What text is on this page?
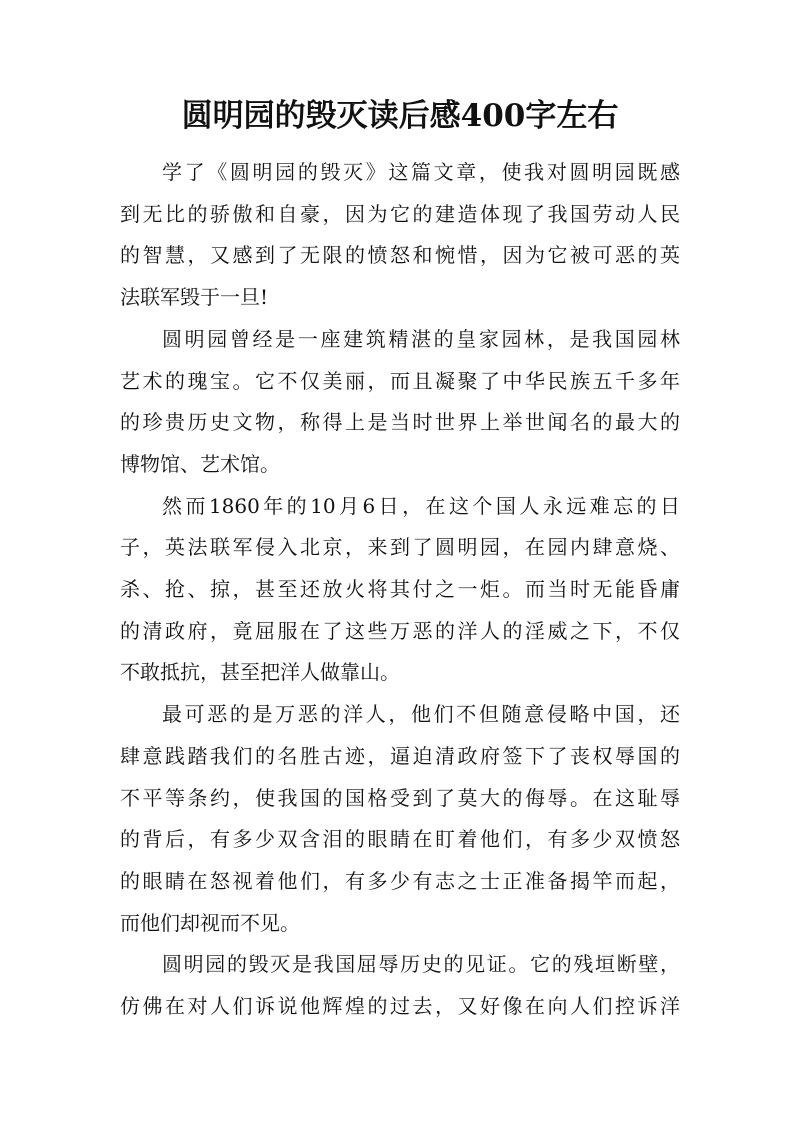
圆明园的毁灭读后感400字左右

学了《圆明园的毁灭》这篇文章，使我对圆明园既感
到无比的骄傲和自豪，因为它的建造体现了我国劳动人民
的智慧，又感到了无限的愤怒和惋惜，因为它被可恶的英
法联军毁于一旦!

圆明园曾经是一座建筑精湛的皇家园林，是我国园林
艺术的瑰宝。它不仅美丽，而且凝聚了中华民族五千多年
的珍贵历史文物，称得上是当时世界上举世闻名的最大的
博物馆、艺术馆。

然而1860年的10月6日，在这个国人永远难忘的日
子，英法联军侵入北京，来到了圆明园，在园内肆意烧、
杀、抢、掠，甚至还放火将其付之一炬。而当时无能昏庸
的清政府，竟屈服在了这些万恶的洋人的淫威之下，不仅
不敢抵抗，甚至把洋人做靠山。

最可恶的是万恶的洋人，他们不但随意侵略中国，还
肆意践踏我们的名胜古迹，逼迫清政府签下了丧权辱国的
不平等条约，使我国的国格受到了莫大的侮辱。在这耻辱
的背后，有多少双含泪的眼睛在盯着他们，有多少双愤怒
的眼睛在怒视着他们，有多少有志之士正准备揭竿而起，
而他们却视而不见。

圆明园的毁灭是我国屈辱历史的见证。它的残垣断壁，
仿佛在对人们诉说他辉煌的过去，又好像在向人们控诉洋
